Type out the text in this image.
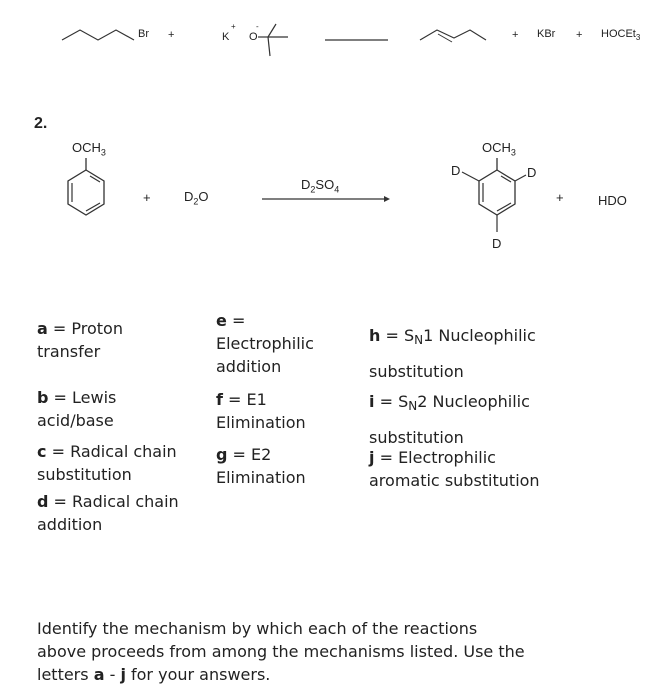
Br +	K
+
O
-
+ KBr + HOCEt$_3$
2.
$OCH_3$
+	$D_2O$
$D_2SO_4$
$OCH_3$
D	D
D
+	HDO
a = Proton
transfer
b = Lewis
acid/base
c = Radical chain
substitution
d = Radical chain
addition
e =
Electrophilic
addition
f = E1
Elimination
g = E2
Elimination
$h = S_N1$ Nucleophilic
substitution
$i = S_N2$ Nucleophilic
substitution
j = Electrophilic
aromatic substitution
Identify the mechanism by which each of the reactions
above proceeds from among the mechanisms listed. Use the
letters a - j for your answers.
